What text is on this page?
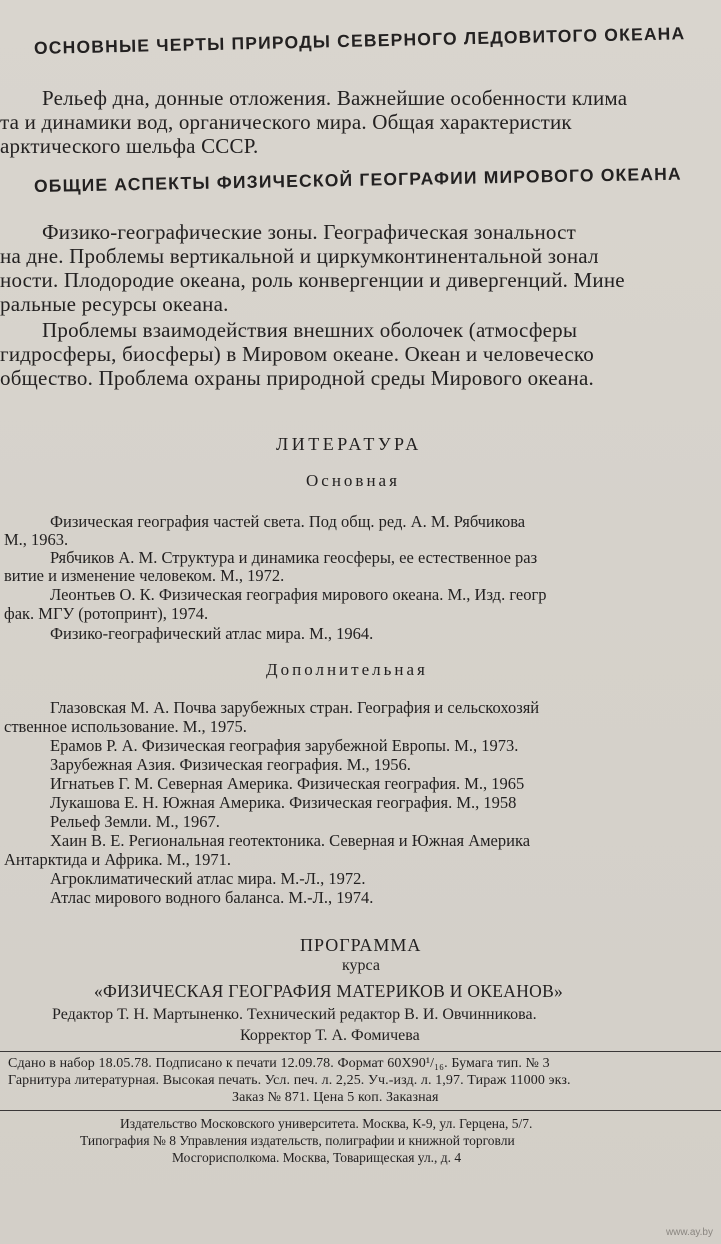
ОСНОВНЫЕ ЧЕРТЫ ПРИРОДЫ СЕВЕРНОГО ЛЕДОВИТОГО ОКЕАНА
Рельеф дна, донные отложения. Важнейшие особенности клима
та и динамики вод, органического мира. Общая характеристик
арктического шельфа СССР.
ОБЩИЕ АСПЕКТЫ ФИЗИЧЕСКОЙ ГЕОГРАФИИ МИРОВОГО ОКЕАНА
Физико-географические зоны. Географическая зональност
на дне. Проблемы вертикальной и циркумконтинентальной зонал
ности. Плодородие океана, роль конвергенции и дивергенций. Мине
ральные ресурсы океана.
Проблемы взаимодействия внешних оболочек (атмосферы
гидросферы, биосферы) в Мировом океане. Океан и человеческо
общество. Проблема охраны природной среды Мирового океана.
ЛИТЕРАТУРА
Основная
Физическая география частей света. Под общ. ред. А. М. Рябчикова
М., 1963.
Рябчиков А. М. Структура и динамика геосферы, ее естественное раз
витие и изменение человеком. М., 1972.
Леонтьев О. К. Физическая география мирового океана. М., Изд. геогр
фак. МГУ (ротопринт), 1974.
Физико-географический атлас мира. М., 1964.
Дополнительная
Глазовская М. А. Почва зарубежных стран. География и сельскохозяй
ственное использование. М., 1975.
Ерамов Р. А. Физическая география зарубежной Европы. М., 1973.
Зарубежная Азия. Физическая география. М., 1956.
Игнатьев Г. М. Северная Америка. Физическая география. М., 1965
Лукашова Е. Н. Южная Америка. Физическая география. М., 1958
Рельеф Земли. М., 1967.
Хаин В. Е. Региональная геотектоника. Северная и Южная Америка
Антарктида и Африка. М., 1971.
Агроклиматический атлас мира. М.-Л., 1972.
Атлас мирового водного баланса. М.-Л., 1974.
ПРОГРАММА
курса
«ФИЗИЧЕСКАЯ ГЕОГРАФИЯ МАТЕРИКОВ И ОКЕАНОВ»
Редактор Т. Н. Мартыненко. Технический редактор В. И. Овчинникова.
Корректор Т. А. Фомичева
Сдано в набор 18.05.78. Подписано к печати 12.09.78. Формат 60Х90¹/₁₆. Бумага тип. № 3
Гарнитура литературная. Высокая печать. Усл. печ. л. 2,25. Уч.-изд. л. 1,97. Тираж 11000 экз.
Заказ № 871. Цена 5 коп. Заказная
Издательство Московского университета. Москва, К-9, ул. Герцена, 5/7.
Типография № 8 Управления издательств, полиграфии и книжной торговли
Мосгорисполкома. Москва, Товарищеская ул., д. 4
www.ay.by
